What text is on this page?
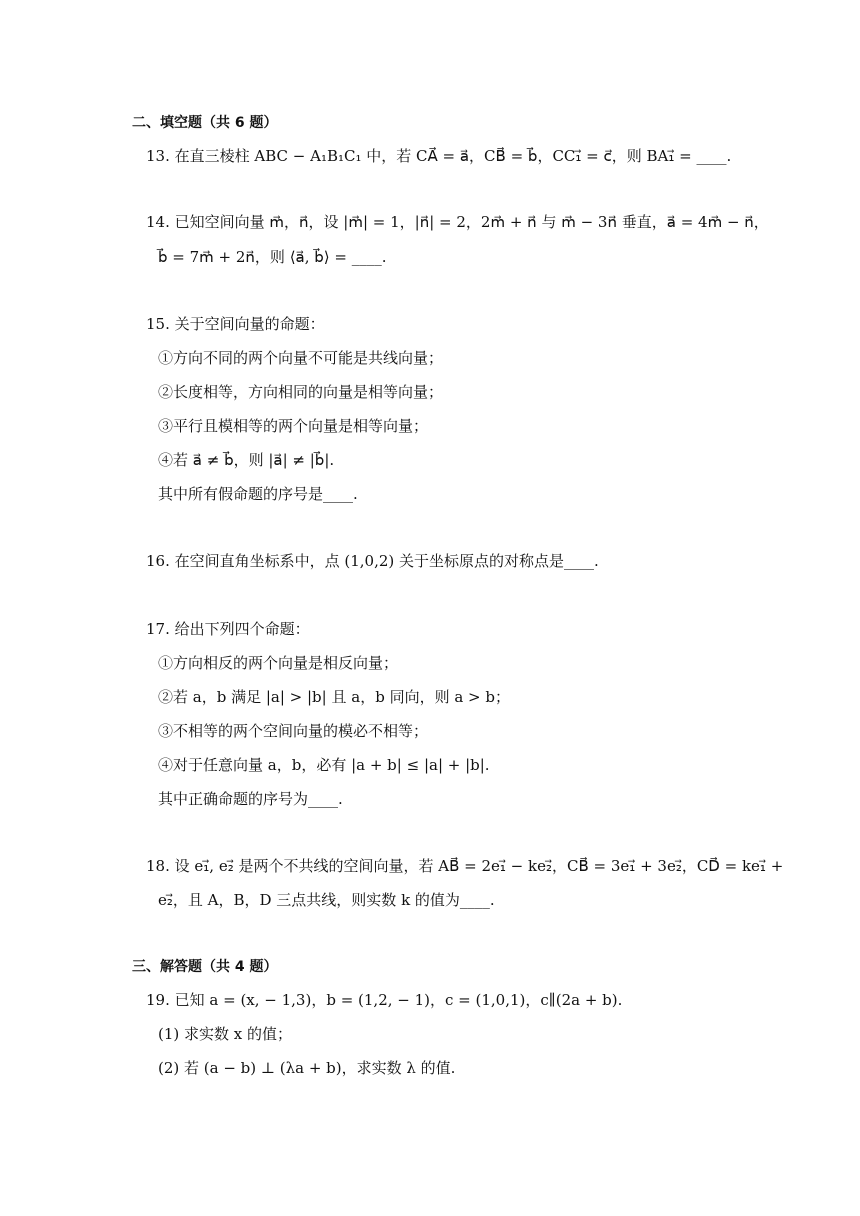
二、填空题（共 6 题）
13. 在直三棱柱 ABC − A₁B₁C₁ 中，若 CA⃗ = a⃗，CB⃗ = b⃗，CC₁⃗ = c⃗，则 BA₁⃗ = ____.
14. 已知空间向量 m⃗，n⃗，设 |m⃗| = 1，|n⃗| = 2，2m⃗ + n⃗ 与 m⃗ − 3n⃗ 垂直，a⃗ = 4m⃗ − n⃗，
b⃗ = 7m⃗ + 2n⃗，则 ⟨a⃗, b⃗⟩ = ____.
15. 关于空间向量的命题：
①方向不同的两个向量不可能是共线向量；
②长度相等，方向相同的向量是相等向量；
③平行且模相等的两个向量是相等向量；
④若 a⃗ ≠ b⃗，则 |a⃗| ≠ |b⃗|.
其中所有假命题的序号是____.
16. 在空间直角坐标系中，点 (1,0,2) 关于坐标原点的对称点是____.
17. 给出下列四个命题：
①方向相反的两个向量是相反向量；
②若 a，b 满足 |a| > |b| 且 a，b 同向，则 a > b；
③不相等的两个空间向量的模必不相等；
④对于任意向量 a，b，必有 |a + b| ≤ |a| + |b|.
其中正确命题的序号为____.
18. 设 e₁⃗, e₂⃗ 是两个不共线的空间向量，若 AB⃗ = 2e₁⃗ − ke₂⃗，CB⃗ = 3e₁⃗ + 3e₂⃗，CD⃗ = ke₁⃗ +
e₂⃗，且 A，B，D 三点共线，则实数 k 的值为____.
三、解答题（共 4 题）
19. 已知 a = (x, − 1,3)，b = (1,2, − 1)，c = (1,0,1)，c∥(2a + b).
(1) 求实数 x 的值；
(2) 若 (a − b) ⊥ (λa + b)，求实数 λ 的值.
